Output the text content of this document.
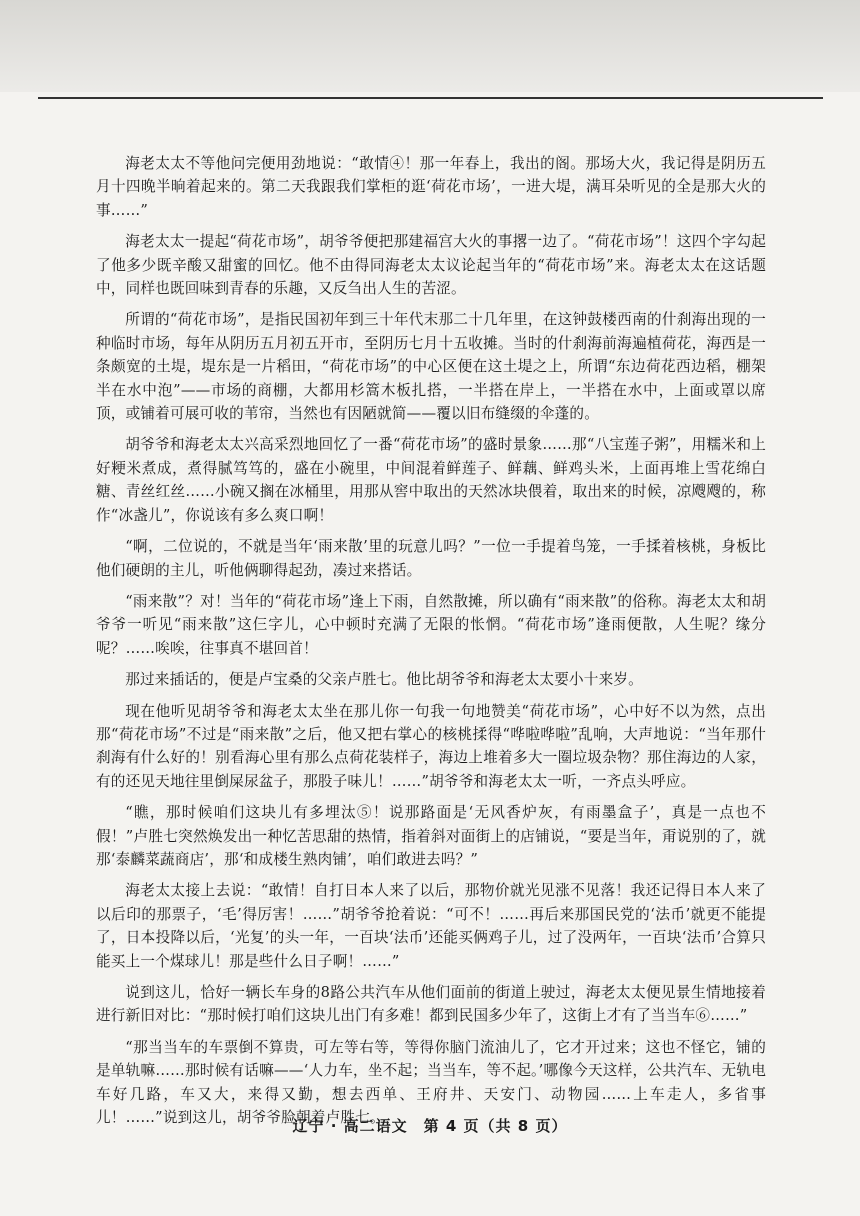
海老太太不等他问完便用劲地说：“敢情④！那一年春上，我出的阁。那场大火，我记得是阴历五月十四晚半晌着起来的。第二天我跟我们掌柜的逛‘荷花市场’，一进大堤，满耳朵听见的全是那大火的事……”

海老太太一提起“荷花市场”，胡爷爷便把那建福宫大火的事撂一边了。“荷花市场”！这四个字勾起了他多少既辛酸又甜蜜的回忆。他不由得同海老太太议论起当年的“荷花市场”来。海老太太在这话题中，同样也既回味到青春的乐趣，又反刍出人生的苦涩。

所谓的“荷花市场”，是指民国初年到三十年代末那二十几年里，在这钟鼓楼西南的什刹海出现的一种临时市场，每年从阴历五月初五开市，至阴历七月十五收摊。当时的什刹海前海遍植荷花，海西是一条颇宽的土堤，堤东是一片稻田，“荷花市场”的中心区便在这土堤之上，所谓“东边荷花西边稻，棚架半在水中泡”——市场的商棚，大都用杉篙木板扎搭，一半搭在岸上，一半搭在水中，上面或罩以席顶，或铺着可展可收的苇帘，当然也有因陋就简——覆以旧布缝缀的伞蓬的。

胡爷爷和海老太太兴高采烈地回忆了一番“荷花市场”的盛时景象……那“八宝莲子粥”，用糯米和上好粳米煮成，煮得腻笃笃的，盛在小碗里，中间混着鲜莲子、鲜藕、鲜鸡头米，上面再堆上雪花绵白糖、青丝红丝……小碗又搁在冰桶里，用那从窖中取出的天然冰块偎着，取出来的时候，凉飕飕的，称作“冰盏儿”，你说该有多么爽口啊！

“啊，二位说的，不就是当年‘雨来散’里的玩意儿吗？”一位一手提着鸟笼，一手揉着核桃，身板比他们硬朗的主儿，听他俩聊得起劲，凑过来搭话。

“雨来散”？对！当年的“荷花市场”逢上下雨，自然散摊，所以确有“雨来散”的俗称。海老太太和胡爷爷一听见“雨来散”这仨字儿，心中顿时充满了无限的怅惘。“荷花市场”逢雨便散，人生呢？缘分呢？……唉唉，往事真不堪回首！

那过来插话的，便是卢宝桑的父亲卢胜七。他比胡爷爷和海老太太要小十来岁。

现在他听见胡爷爷和海老太太坐在那儿你一句我一句地赞美“荷花市场”，心中好不以为然，点出那“荷花市场”不过是“雨来散”之后，他又把右掌心的核桃揉得“哗啦哗啦”乱响，大声地说：“当年那什刹海有什么好的！别看海心里有那么点荷花装样子，海边上堆着多大一圈垃圾杂物？那住海边的人家，有的还见天地往里倒屎尿盆子，那股子味儿！……”胡爷爷和海老太太一听，一齐点头呼应。

“瞧，那时候咱们这块儿有多埋汰⑤！说那路面是‘无风香炉灰，有雨墨盒子’，真是一点也不假！”卢胜七突然焕发出一种忆苦思甜的热情，指着斜对面街上的店铺说，“要是当年，甭说别的了，就那‘泰麟菜蔬商店’，那‘和成楼生熟肉铺’，咱们敢进去吗？”

海老太太接上去说：“敢情！自打日本人来了以后，那物价就光见涨不见落！我还记得日本人来了以后印的那票子，‘毛’得厉害！……”胡爷爷抢着说：“可不！……再后来那国民党的‘法币’就更不能提了，日本投降以后，‘光复’的头一年，一百块‘法币’还能买俩鸡子儿，过了没两年，一百块‘法币’合算只能买上一个煤球儿！那是些什么日子啊！……”

说到这儿，恰好一辆长车身的8路公共汽车从他们面前的街道上驶过，海老太太便见景生情地接着进行新旧对比：“那时候打咱们这块儿出门有多难！都到民国多少年了，这街上才有了当当车⑥……”

“那当当车的车票倒不算贵，可左等右等，等得你脑门流油儿了，它才开过来；这也不怪它，铺的是单轨嘛……那时候有话嘛——‘人力车，坐不起；当当车，等不起。’哪像今天这样，公共汽车、无轨电车好几路，车又大，来得又勤，想去西单、王府井、天安门、动物园……上车走人，多省事儿！……”说到这儿，胡爷爷脸朝着卢胜七。

辽宁 · 高二语文　第 4 页（共 8 页）
